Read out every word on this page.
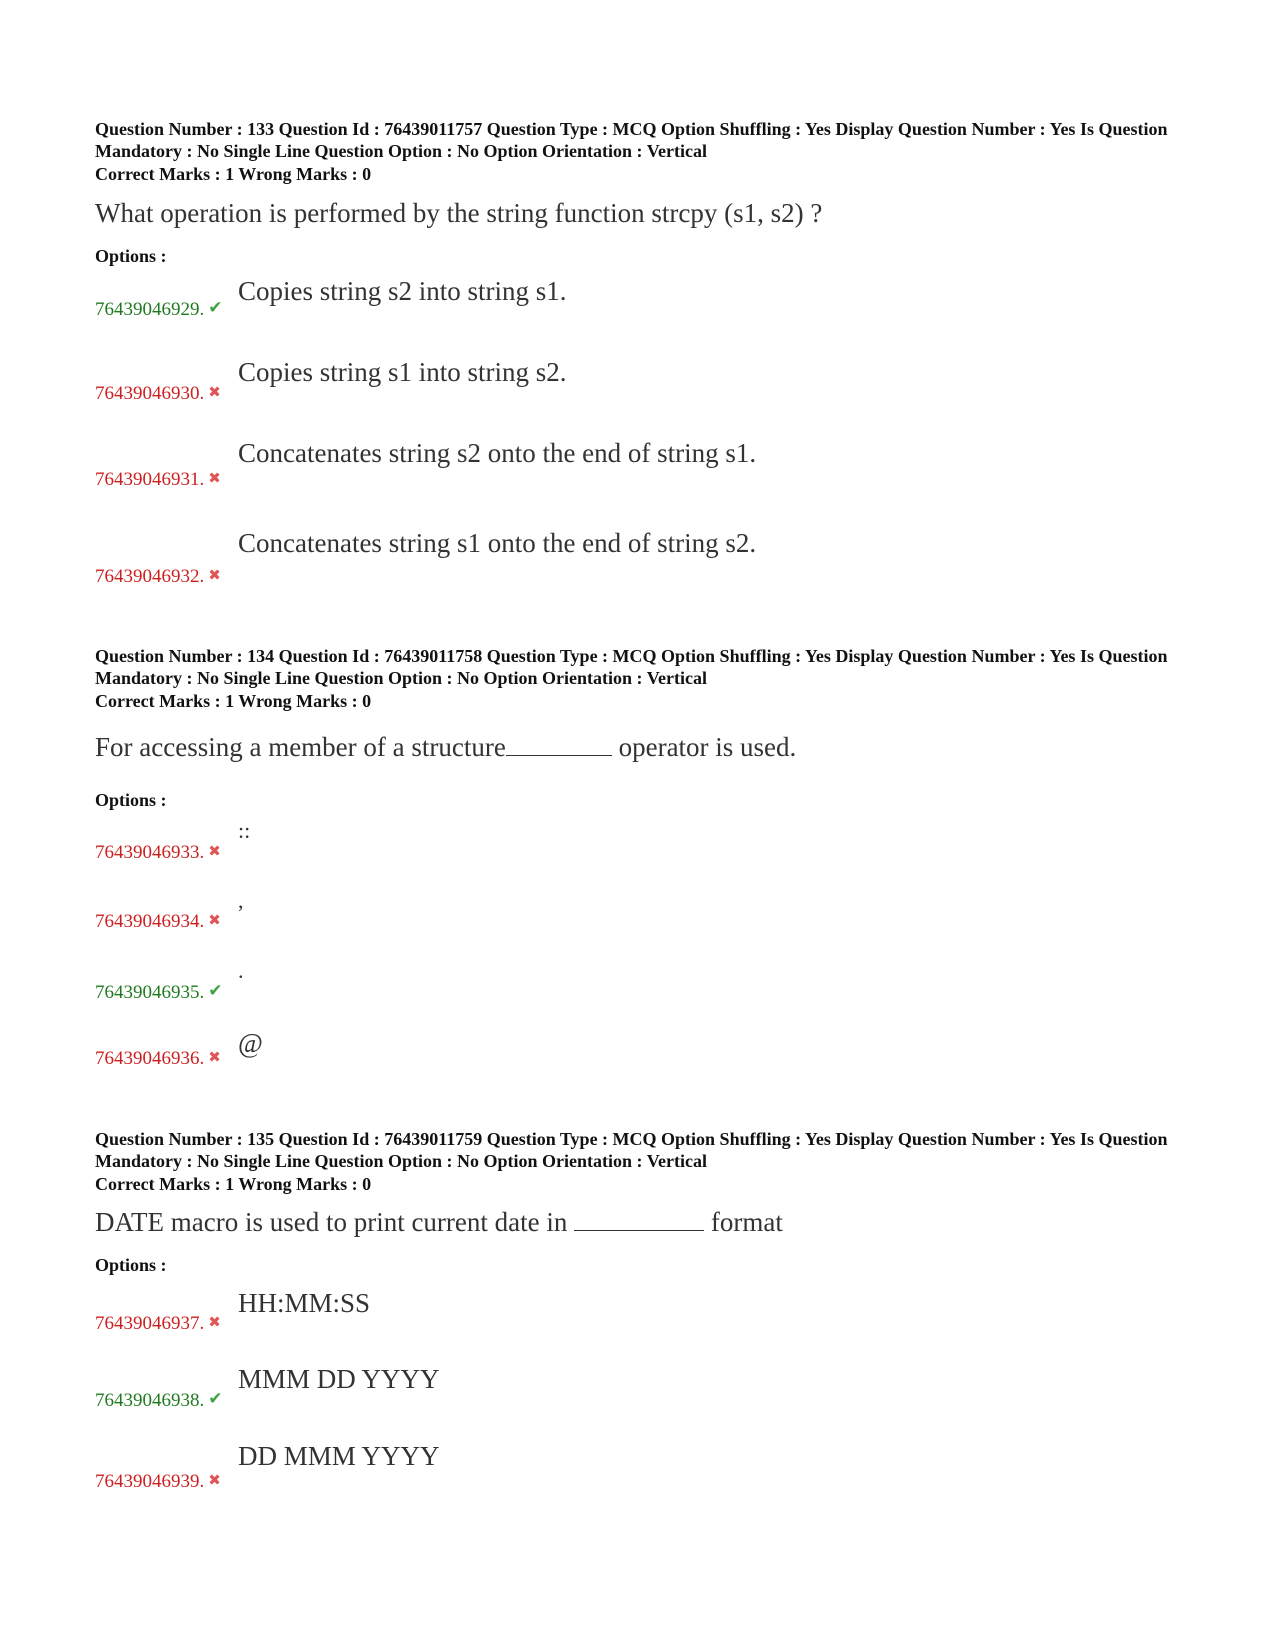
Question Number : 133 Question Id : 76439011757 Question Type : MCQ Option Shuffling : Yes Display Question Number : Yes Is Question Mandatory : No Single Line Question Option : No Option Orientation : Vertical
Correct Marks : 1 Wrong Marks : 0
What operation is performed by the string function strcpy (s1, s2) ?
Options :
76439046929. ✔
Copies string s2 into string s1.
76439046930. ✖
Copies string s1 into string s2.
76439046931. ✖
Concatenates string s2 onto the end of string s1.
76439046932. ✖
Concatenates string s1 onto the end of string s2.
Question Number : 134 Question Id : 76439011758 Question Type : MCQ Option Shuffling : Yes Display Question Number : Yes Is Question Mandatory : No Single Line Question Option : No Option Orientation : Vertical
Correct Marks : 1 Wrong Marks : 0
For accessing a member of a structure	operator is used.
Options :
76439046933. ✖
::
76439046934. ✖
,
76439046935. ✔
.
76439046936. ✖ @
Question Number : 135 Question Id : 76439011759 Question Type : MCQ Option Shuffling : Yes Display Question Number : Yes Is Question Mandatory : No Single Line Question Option : No Option Orientation : Vertical
Correct Marks : 1 Wrong Marks : 0
DATE macro is used to print current date in	format
Options :
76439046937. ✖
HH:MM:SS
76439046938. ✔
MMM DD YYYY
76439046939. ✖
DD MMM YYYY
